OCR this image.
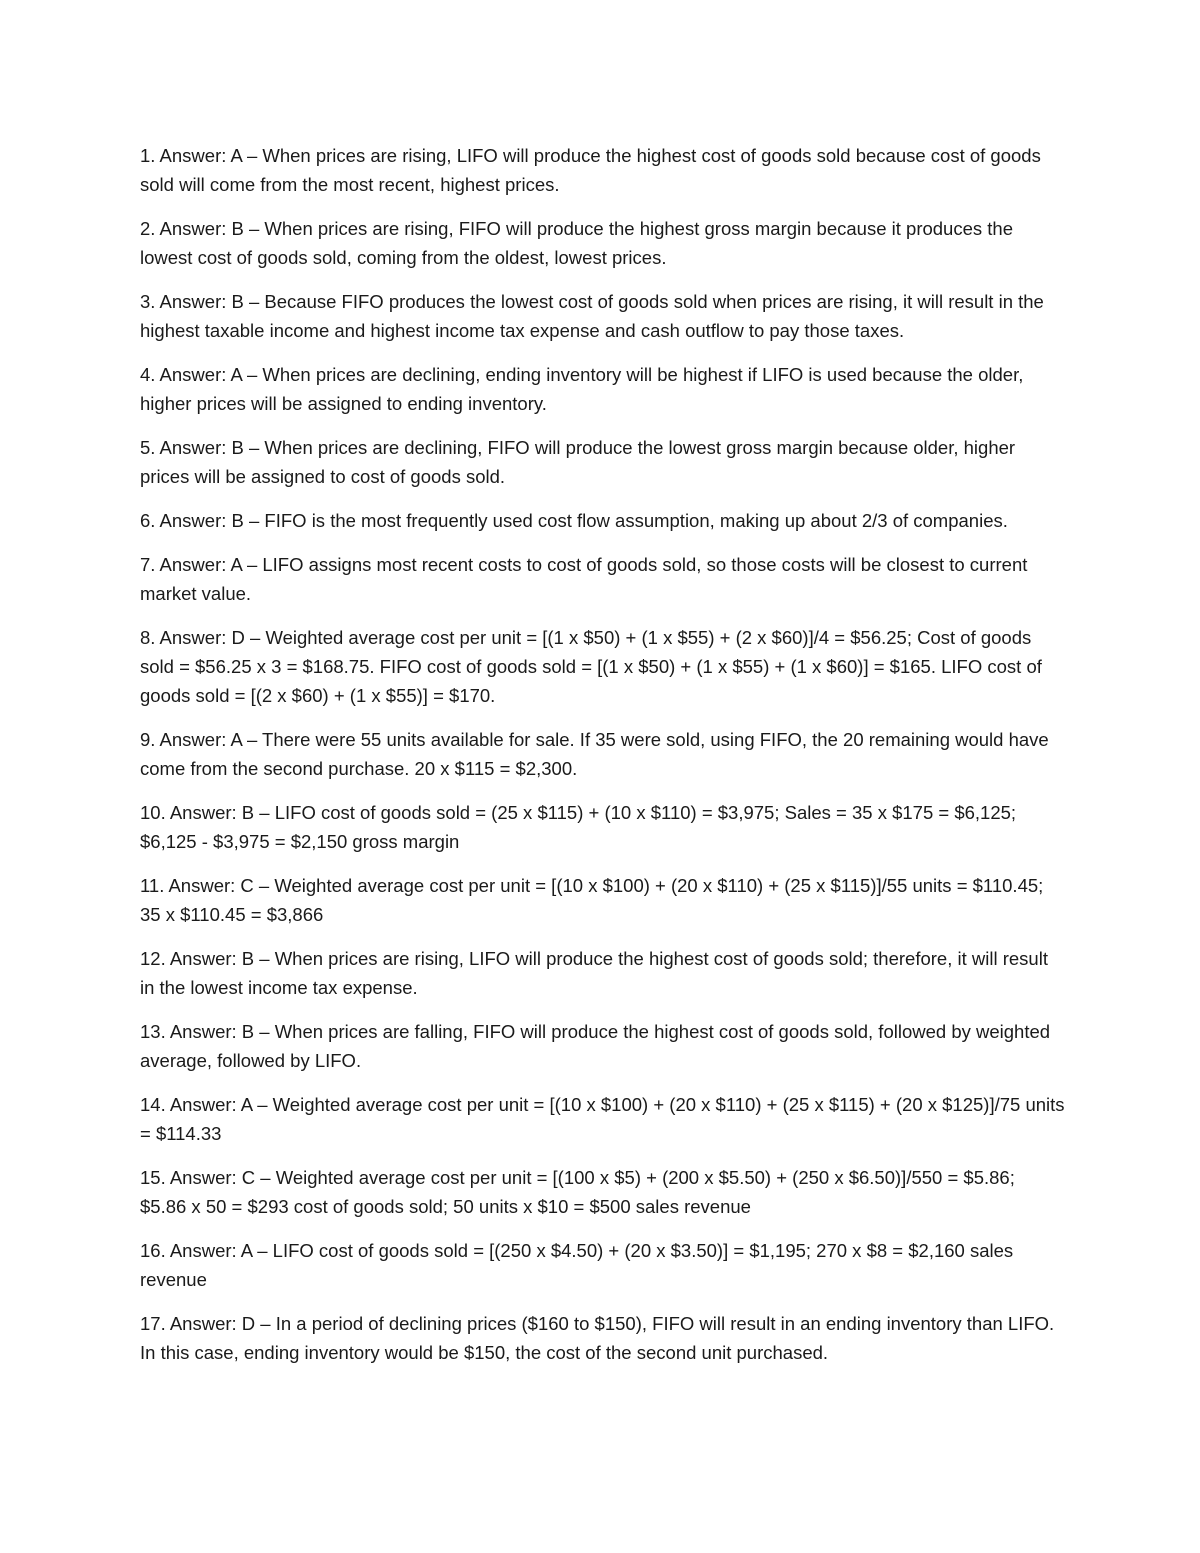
1. Answer: A – When prices are rising, LIFO will produce the highest cost of goods sold because cost of goods sold will come from the most recent, highest prices.

2. Answer: B – When prices are rising, FIFO will produce the highest gross margin because it produces the lowest cost of goods sold, coming from the oldest, lowest prices.

3. Answer: B – Because FIFO produces the lowest cost of goods sold when prices are rising, it will result in the highest taxable income and highest income tax expense and cash outflow to pay those taxes.

4. Answer: A – When prices are declining, ending inventory will be highest if LIFO is used because the older, higher prices will be assigned to ending inventory.

5. Answer: B – When prices are declining, FIFO will produce the lowest gross margin because older, higher prices will be assigned to cost of goods sold.

6. Answer: B – FIFO is the most frequently used cost flow assumption, making up about 2/3 of companies.

7. Answer: A – LIFO assigns most recent costs to cost of goods sold, so those costs will be closest to current market value.

8. Answer: D – Weighted average cost per unit = [(1 x $50) + (1 x $55) + (2 x $60)]/4 = $56.25; Cost of goods sold = $56.25 x 3 = $168.75. FIFO cost of goods sold = [(1 x $50) + (1 x $55) + (1 x $60)] = $165. LIFO cost of goods sold = [(2 x $60) + (1 x $55)] = $170.

9. Answer: A – There were 55 units available for sale. If 35 were sold, using FIFO, the 20 remaining would have come from the second purchase. 20 x $115 = $2,300.

10. Answer: B – LIFO cost of goods sold = (25 x $115) + (10 x $110) = $3,975; Sales = 35 x $175 = $6,125; $6,125 - $3,975 = $2,150 gross margin

11. Answer: C – Weighted average cost per unit = [(10 x $100) + (20 x $110) + (25 x $115)]/55 units = $110.45; 35 x $110.45 = $3,866

12. Answer: B – When prices are rising, LIFO will produce the highest cost of goods sold; therefore, it will result in the lowest income tax expense.

13. Answer: B – When prices are falling, FIFO will produce the highest cost of goods sold, followed by weighted average, followed by LIFO.

14. Answer: A – Weighted average cost per unit = [(10 x $100) + (20 x $110) + (25 x $115) + (20 x $125)]/75 units = $114.33

15. Answer: C – Weighted average cost per unit = [(100 x $5) + (200 x $5.50) + (250 x $6.50)]/550 = $5.86; $5.86 x 50 = $293 cost of goods sold; 50 units x $10 = $500 sales revenue

16. Answer: A – LIFO cost of goods sold = [(250 x $4.50) + (20 x $3.50)] = $1,195; 270 x $8 = $2,160 sales revenue

17. Answer: D – In a period of declining prices ($160 to $150), FIFO will result in an ending inventory than LIFO. In this case, ending inventory would be $150, the cost of the second unit purchased.
